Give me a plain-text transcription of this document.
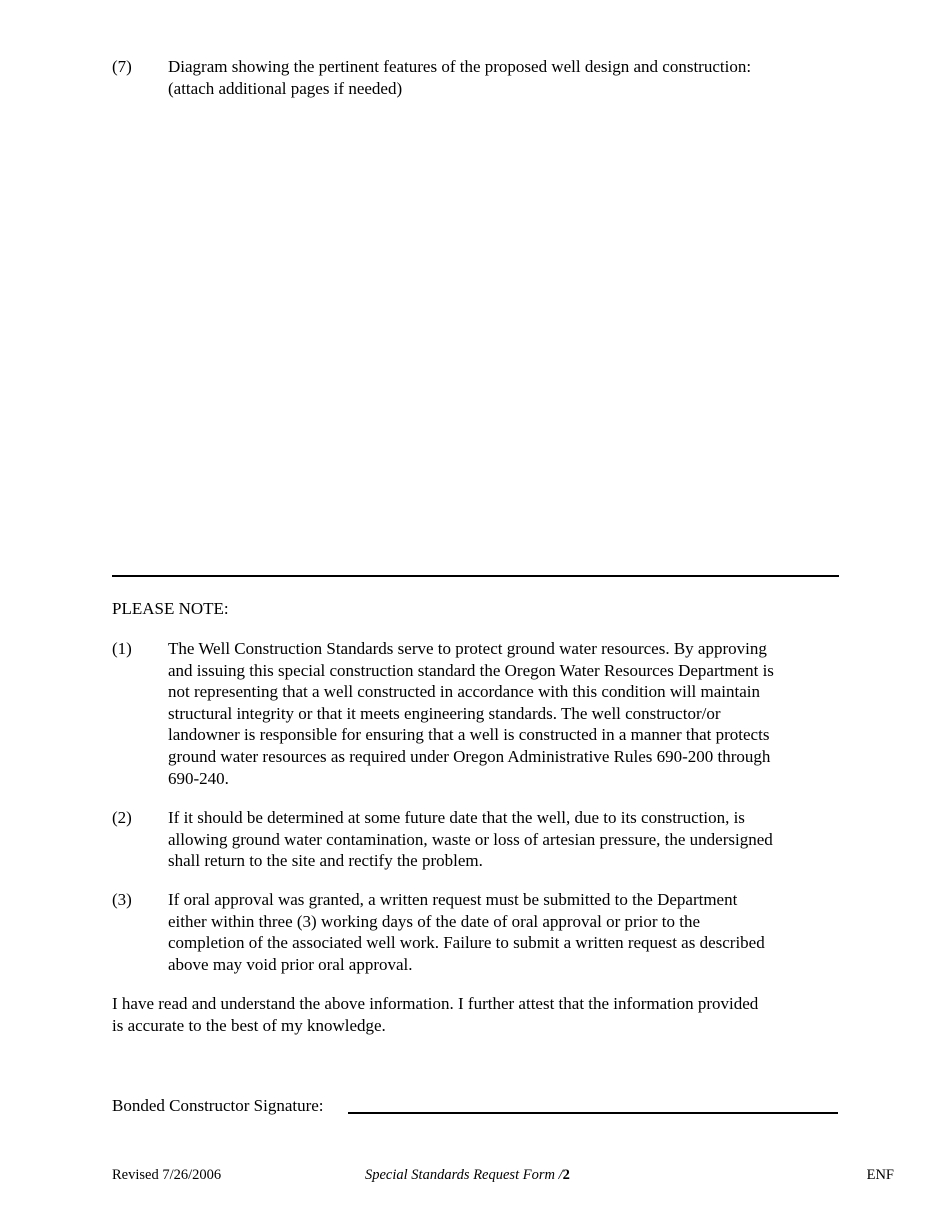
(7)	Diagram showing the pertinent features of the proposed well design and construction:
(attach additional pages if needed)
PLEASE NOTE:
(1)	The Well Construction Standards serve to protect ground water resources. By approving
and issuing this special construction standard the Oregon Water Resources Department is
not representing that a well constructed in accordance with this condition will maintain
structural integrity or that it meets engineering standards. The well constructor/or
landowner is responsible for ensuring that a well is constructed in a manner that protects
ground water resources as required under Oregon Administrative Rules 690-200 through
690-240.
(2)	If it should be determined at some future date that the well, due to its construction, is
allowing ground water contamination, waste or loss of artesian pressure, the undersigned
shall return to the site and rectify the problem.
(3)	If oral approval was granted, a written request must be submitted to the Department
either within three (3) working days of the date of oral approval or prior to the
completion of the associated well work. Failure to submit a written request as described
above may void prior oral approval.
I have read and understand the above information. I further attest that the information provided
is accurate to the best of my knowledge.
Bonded Constructor Signature:
Revised 7/26/2006	Special Standards Request Form /2	ENF
